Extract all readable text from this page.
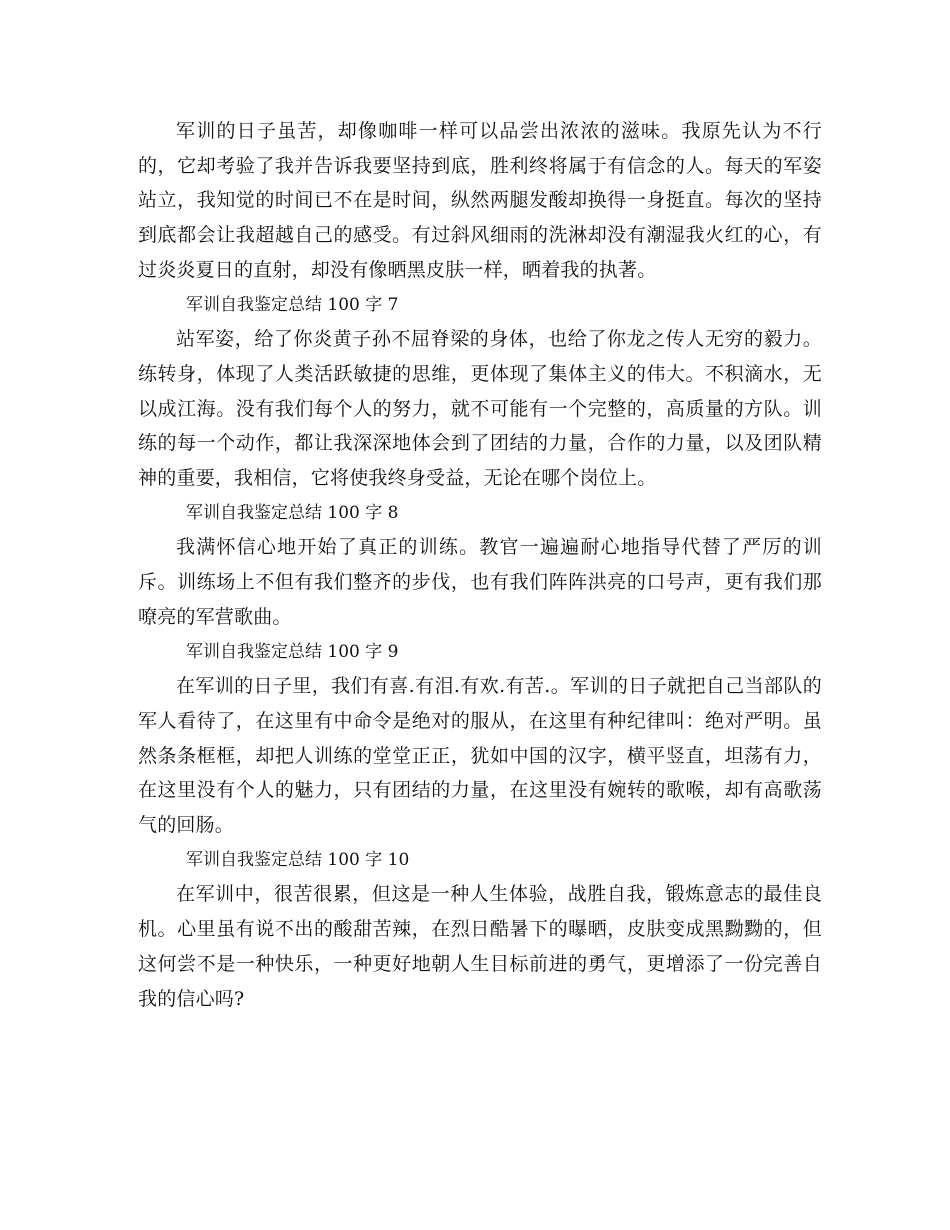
军训的日子虽苦，却像咖啡一样可以品尝出浓浓的滋味。我原先认为不行的，它却考验了我并告诉我要坚持到底，胜利终将属于有信念的人。每天的军姿站立，我知觉的时间已不在是时间，纵然两腿发酸却换得一身挺直。每次的坚持到底都会让我超越自己的感受。有过斜风细雨的洗淋却没有潮湿我火红的心，有过炎炎夏日的直射，却没有像晒黑皮肤一样，晒着我的执著。

军训自我鉴定总结 100 字 7

站军姿，给了你炎黄子孙不屈脊梁的身体，也给了你龙之传人无穷的毅力。练转身，体现了人类活跃敏捷的思维，更体现了集体主义的伟大。不积滴水，无以成江海。没有我们每个人的努力，就不可能有一个完整的，高质量的方队。训练的每一个动作，都让我深深地体会到了团结的力量，合作的力量，以及团队精神的重要，我相信，它将使我终身受益，无论在哪个岗位上。

军训自我鉴定总结 100 字 8

我满怀信心地开始了真正的训练。教官一遍遍耐心地指导代替了严厉的训斥。训练场上不但有我们整齐的步伐，也有我们阵阵洪亮的口号声，更有我们那嘹亮的军营歌曲。

军训自我鉴定总结 100 字 9

在军训的日子里，我们有喜.有泪.有欢.有苦.。军训的日子就把自己当部队的军人看待了，在这里有中命令是绝对的服从，在这里有种纪律叫：绝对严明。虽然条条框框，却把人训练的堂堂正正，犹如中国的汉字，横平竖直，坦荡有力，在这里没有个人的魅力，只有团结的力量，在这里没有婉转的歌喉，却有高歌荡气的回肠。

军训自我鉴定总结 100 字 10

在军训中，很苦很累，但这是一种人生体验，战胜自我，锻炼意志的最佳良机。心里虽有说不出的酸甜苦辣，在烈日酷暑下的曝晒，皮肤变成黑黝黝的，但这何尝不是一种快乐，一种更好地朝人生目标前进的勇气，更增添了一份完善自我的信心吗?
